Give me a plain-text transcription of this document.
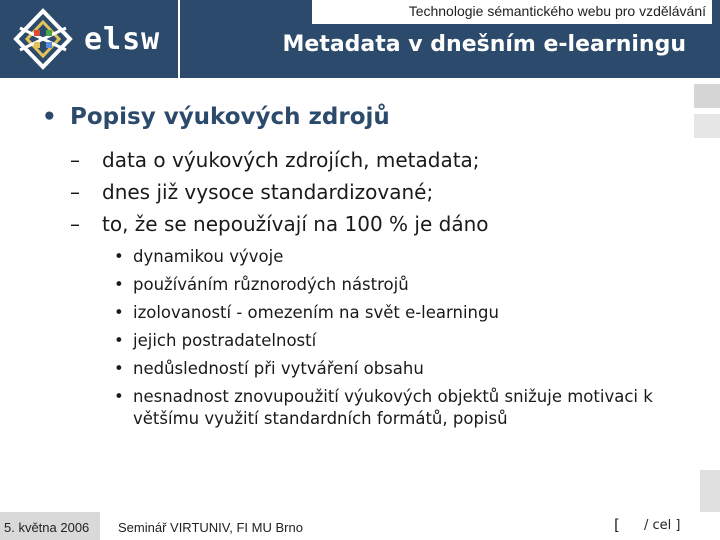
elsw
Technologie sémantického webu pro vzdělávání
Metadata v dnešním e-learningu
• Popisy výukových zdrojů
– data o výukových zdrojích, metadata;
– dnes již vysoce standardizované;
– to, že se nepoužívají na 100 % je dáno
• dynamikou vývoje
• používáním různorodých nástrojů
• izolovaností - omezením na svět e-learningu
• jejich postradatelností
• nedůsledností při vytváření obsahu
• nesnadnost znovupoužití výukových objektů snižuje motivaci k většímu využití standardních formátů, popisů
5. května 2006 Seminář VIRTUNIV, FI MU Brno	[ / cel ]
